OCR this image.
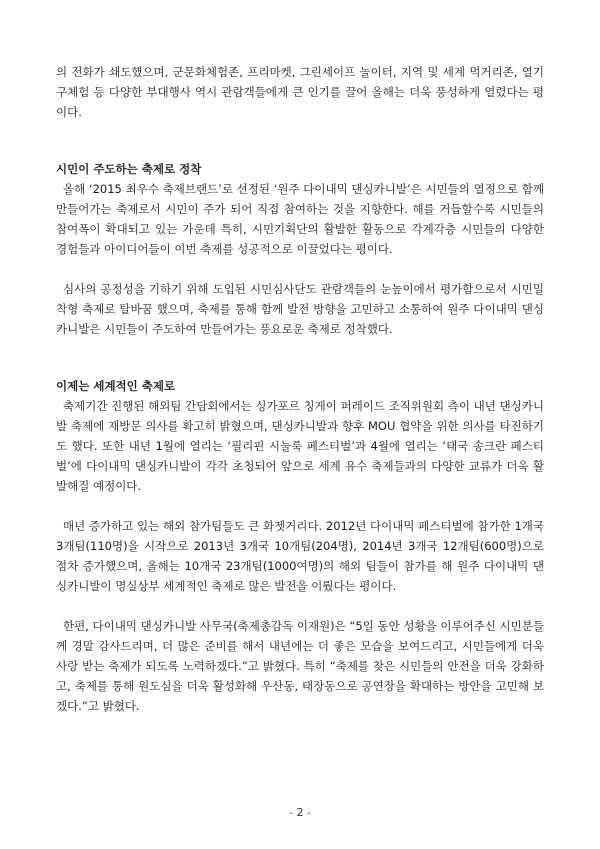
의 전화가 쇄도했으며, 군문화체험존, 프리마켓, 그린세이프 놀이터, 지역 및 세계 먹거리존, 열기구체험 등 다양한 부대행사 역시 관람객들에게 큰 인기를 끌어 올해는 더욱 풍성하게 열렸다는 평이다.

시민이 주도하는 축제로 정착

올해 ‘2015 최우수 축제브랜드’로 선정된 ‘원주 다이내믹 댄싱카니발’은 시민들의 열정으로 함께 만들어가는 축제로서 시민이 주가 되어 직접 참여하는 것을 지향한다. 해를 거듭할수록 시민들의 참여폭이 확대되고 있는 가운데 특히, 시민기획단의 활발한 활동으로 각계각층 시민들의 다양한 경험들과 아이디어들이 이번 축제를 성공적으로 이끌었다는 평이다.

심사의 공정성을 기하기 위해 도입된 시민심사단도 관람객들의 눈높이에서 평가함으로서 시민밀착형 축제로 탈바꿈 했으며, 축제를 통해 함께 발전 방향을 고민하고 소통하여 원주 다이내믹 댄싱카니발은 시민들이 주도하여 만들어가는 풍요로운 축제로 정착했다.

이제는 세계적인 축제로

축제기간 진행된 해외팀 간담회에서는 싱가포르 칭게이 퍼레이드 조직위원회 측이 내년 댄싱카니발 축제에 재방문 의사를 확고히 밝혔으며, 댄싱카니발과 향후 MOU 협약을 위한 의사를 타진하기도 했다. 또한 내년 1월에 열리는 ‘필리핀 시눌룩 페스티벌’과 4월에 열리는 ‘태국 송크란 페스티벌’에 다이내믹 댄싱카니발이 각각 초청되어 앞으로 세계 유수 축제들과의 다양한 교류가 더욱 활발해질 예정이다.

매년 증가하고 있는 해외 참가팀들도 큰 화젯거리다. 2012년 다이내믹 페스티벌에 참가한 1개국 3개팀(110명)을 시작으로 2013년 3개국 10개팀(204명), 2014년 3개국 12개팀(600명)으로 점차 증가했으며, 올해는 10개국 23개팀(1000여명)의 해외 팀들이 참가를 해 원주 다이내믹 댄싱카니발이 명실상부 세계적인 축제로 많은 발전을 이뤘다는 평이다.

한편, 다이내믹 댄싱카니발 사무국(축제총감독 이재원)은 “5일 동안 성황을 이루어주신 시민분들께 경말 감사드리며, 더 많은 준비를 해서 내년에는 더 좋은 모습을 보여드리고, 시민들에게 더욱 사랑 받는 축제가 되도록 노력하겠다.”고 밝혔다. 특히 “축제를 찾은 시민들의 안전을 더욱 강화하고, 축제를 통해 원도심을 더욱 활성화해 우산동, 태장동으로 공연장을 확대하는 방안을 고민해 보겠다.”고 밝혔다.

- 2 -
